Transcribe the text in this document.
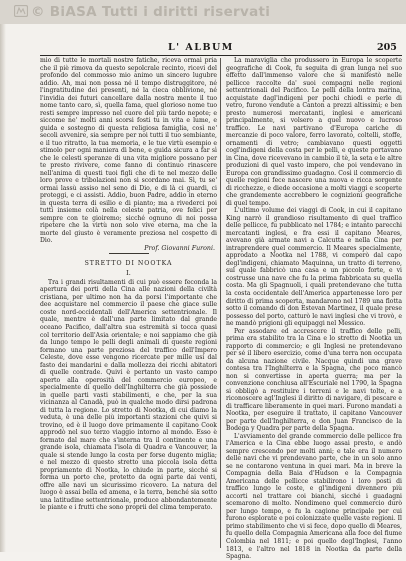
© BiASA Tutti i diritti riservati
L' ALBUM	205

mio di tutte le mortali nostre fatiche, riceva ormai pria che il piè rimova da questo sepolcrale recinto, ricevi del profondo del commosso mio animo un sincero lugubre addio. Ah, mai non possa né il tempo distruggitore, né l'ingratitudine dei presenti, né la cieca obblivione, né l'invidia dei futuri cancellare dalla nostra mente il tuo nome tanto caro, sì, quella fama, quel glorioso nome tuo resti sempre impresso nel cuore del più tardo nepote; e siccome ne' molti anni scorsi fosti tu in vita e lume, e guida e sostegno di questa religiosa famiglia, così ne' secoli avvenire, sia sempre per noi tutti il tuo sembiante, e il tuo ritratto, la tua memoria, e le tue virtù esempio e stimolo per ogni maniera di bene, e guida sicura a far sì che le celesti speranze di una vita migliore possano per te presto rivivere, come fanno di continuo rinascere nell'anima di questi tuoi figli che di te nel mezzo delle loro prove e tribolazioni non si scordano mai. Sì, tu se' ormai lassù assiso nel seno di Dio, e di là ci guardi, ci proteggi, e ci assisti. Addio, buon Padre, addio in eterno in questa terra di esilio e di pianto; ma a rivederci poi tutti insieme colà nella celeste patria, ove felici per sempre con te gioiremo; sicché ognuno di noi possa ripetere che la virtù non solo vive eterna, ma che la morte del giusto è veramente preziosa nel cospetto di Dio.

Prof. Giovanni Furoni.
STRETTO DI NOOTKA
I.

Tra i grandi risultamenti di cui può essere feconda la apertura dei porti della Cina alle nazioni della civiltà cristiana, per ultimo non ha da porsi l'importante che dee acquistare nel commercio il paese che giace sulle coste nord-occidentali dell'America settentrionale. Il quale, mentre è dall'una parte limitato dal grande oceano Pacifico, dall'altra sua estremità si tocca quasi col territorio dell'Asia orientale; e noi sappiamo che già da lungo tempo le pelli degli animali di queste regioni formano una parte preziosa del traffico dell'Impero Celeste, dove esse vengono ricercate per mille usi dal fasto dei mandarini e dalla mollezza dei ricchi abitatori di quelle contrade. Quivi è pertanto un vasto campo aperto alla operosità del commercio europeo, e specialmente di quello dell'Inghilterra che già possiede in quelle parti vasti stabilimenti, e che, per la sua vicinanza al Canadà, può in qualche modo dirsi padrona di tutta la regione. Lo stretto di Nootka, di cui diamo la veduta, è una delle più importanti stazioni che quivi si trovino, ed è il luogo dove primamente il capitano Cook approdò nel suo terzo viaggio intorno al mondo. Esso è formato dal mare che s'interna tra il continente e una grande isola, chiamata l'isola di Quadra e Vancouver, la quale si stende lungo la costa per forse dugento miglia; e nel mezzo di questo stretto una piccola isola detta propriamente di Nootka, lo chiude in parte, sicché si forma un porto che, protetto da ogni parte dai venti, offre alle navi un sicurissimo ricovero. La natura del luogo è assai bella ed amena, e la terra, benché sia sotto una latitudine settentrionale, produce abbondantemente le piante e i frutti che sono proprii del clima temperato.

La maraviglia che produssero in Europa le scoperte geografiche di Cook, fu seguita di gran lunga nel suo effetto dall'immenso valore che si manifestò nelle pellicce raccolte da' suoi compagni nelle regioni settentrionali del Pacifico. Le pelli della lontra marina, acquistate dagl'indigeni per pochi chiodi e perle di vetro, furono vendute a Canton a prezzi altissimi; e ben presto numerosi mercatanti, inglesi e americani principalmente, si volsero a quel nuovo e lucroso traffico. Le navi partivano d'Europa cariche di mercanzie di poco valore, ferro lavorato, coltelli, stoffe, ornamenti di vetro; cambiavano questi oggetti cogl'indigeni della costa per le pelli, e queste portavano in Cina, dove ricevevano in cambio il tè, la seta e le altre produzioni di quel vasto impero, che poi vendevano in Europa con grandissimo guadagno. Così il commercio di quelle regioni fece nascere una nuova e ricca sorgente di ricchezze, e diede occasione a molti viaggi e scoperte che grandemente accrebbero le cognizioni geografiche di quel tempo.

L'ultimo volume dei viaggi di Cook, in cui il capitano King narrò il grandioso risultamento di quel traffico delle pellicce, fu pubblicato nel 1784; e intanto parecchi mercatanti inglesi, e fra essi il capitano Meares, avevano già armate navi a Calcutta e nella Cina per intraprendere quel commercio. Il Meares specialmente, approdato a Nootka nel 1788, vi comperò dal capo degl'indigeni, chiamato Maquinna, un tratto di terreno, sul quale fabbricò una casa e un piccolo forte, e vi costrusse una nave che fu la prima fabbricata su quella costa. Ma gli Spagnuoli, i quali pretendevano che tutta la costa occidentale dell'America appartenesse loro per diritto di prima scoperta, mandarono nel 1789 una flotta sotto il comando di don Estevan Martinez, il quale prese possesso del porto, catturò le navi inglesi che vi trovò, e ne mandò prigioni gli equipaggi nel Messico.

Per assodare ed accrescere il traffico delle pelli, prima era stabilito tra la Cina e lo stretto di Nootka un rapporto di commercio; e gli Inglesi ne pretendevano per sé il libero esercizio, come d'una terra non occupata da alcuna nazione civile. Nacque quindi una grave contesa tra l'Inghilterra e la Spagna, che poco mancò non si convertisse in aperta guerra; ma per la convenzione conchiusa all'Escuriale nel 1790, la Spagna si obbligò a restituire i terreni e le navi tolte, e a riconoscere agl'Inglesi il diritto di navigare, di pescare e di trafficare liberamente in quei mari. Furono mandati a Nootka, per eseguire il trattato, il capitano Vancouver per parte dell'Inghilterra, e don Juan Francisco de la Bodega y Quadra per parte della Spagna.

L'avviamento del grande commercio delle pellicce fra l'America e la Cina ebbe luogo assai presto, e andò sempre crescendo per molti anni; e tale era il numero delle navi che vi prendevano parte, che in un solo anno se ne contarono ventuna in quei mari. Ma in breve la Compagnia della Baia d'Hudson e la Compagnia Americana delle pellicce stabilirono i loro posti di traffico lungo le coste, e gl'indigeni divennero più accorti nel trattare coi bianchi, sicché i guadagni scemarono di molto. Nondimeno quel commercio durò per lungo tempo, e fu la cagione principale per cui furono esplorate e poi colonizzate quelle vaste regioni. Il primo stabilimento che vi si fece, dopo quello di Meares, fu quello della Compagnia Americana alla foce del fiume Colombia nel 1811; e poi quello degl'Inglesi, l'anno 1813, e l'altro nel 1818 in Nootka da parte della Spagna.
